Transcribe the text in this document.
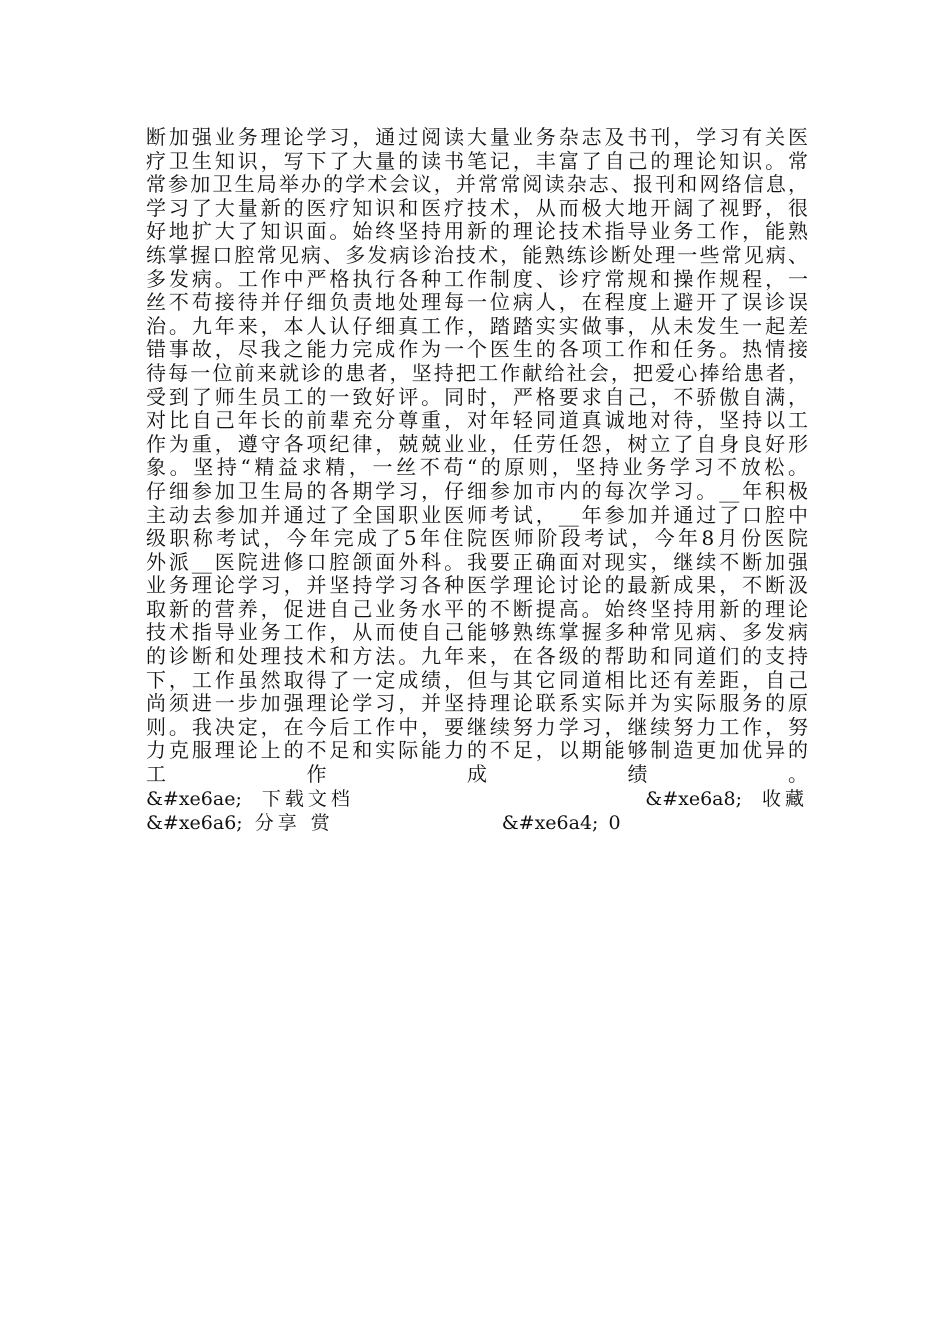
断加强业务理论学习，通过阅读大量业务杂志及书刊，学习有关医
疗卫生知识，写下了大量的读书笔记，丰富了自己的理论知识。常
常参加卫生局举办的学术会议，并常常阅读杂志、报刊和网络信息，
学习了大量新的医疗知识和医疗技术，从而极大地开阔了视野，很
好地扩大了知识面。始终坚持用新的理论技术指导业务工作，能熟
练掌握口腔常见病、多发病诊治技术，能熟练诊断处理一些常见病、
多发病。工作中严格执行各种工作制度、诊疗常规和操作规程，一
丝不苟接待并仔细负责地处理每一位病人，在程度上避开了误诊误
治。九年来，本人认仔细真工作，踏踏实实做事，从未发生一起差
错事故，尽我之能力完成作为一个医生的各项工作和任务。热情接
待每一位前来就诊的患者，坚持把工作献给社会，把爱心捧给患者，
受到了师生员工的一致好评。同时，严格要求自己，不骄傲自满，
对比自己年长的前辈充分尊重，对年轻同道真诚地对待，坚持以工
作为重，遵守各项纪律，兢兢业业，任劳任怨，树立了自身良好形
象。坚持“精益求精，一丝不苟“的原则，坚持业务学习不放松。
仔细参加卫生局的各期学习，仔细参加市内的每次学习。__年积极
主动去参加并通过了全国职业医师考试，__年参加并通过了口腔中
级职称考试，今年完成了5年住院医师阶段考试，今年8月份医院
外派__医院进修口腔颌面外科。我要正确面对现实，继续不断加强
业务理论学习，并坚持学习各种医学理论讨论的最新成果，不断汲
取新的营养，促进自己业务水平的不断提高。始终坚持用新的理论
技术指导业务工作，从而使自己能够熟练掌握多种常见病、多发病
的诊断和处理技术和方法。九年来，在各级的帮助和同道们的支持
下，工作虽然取得了一定成绩，但与其它同道相比还有差距，自己
尚须进一步加强理论学习，并坚持理论联系实际并为实际服务的原
则。我决定，在今后工作中，要继续努力学习，继续努力工作，努
力克服理论上的不足和实际能力的不足，以期能够制造更加优异的
工作成绩。
&#xe6ae; 下载文档	&#xe6a8; 收藏
&#xe6a6; 分享 赏	&#xe6a4; 0
